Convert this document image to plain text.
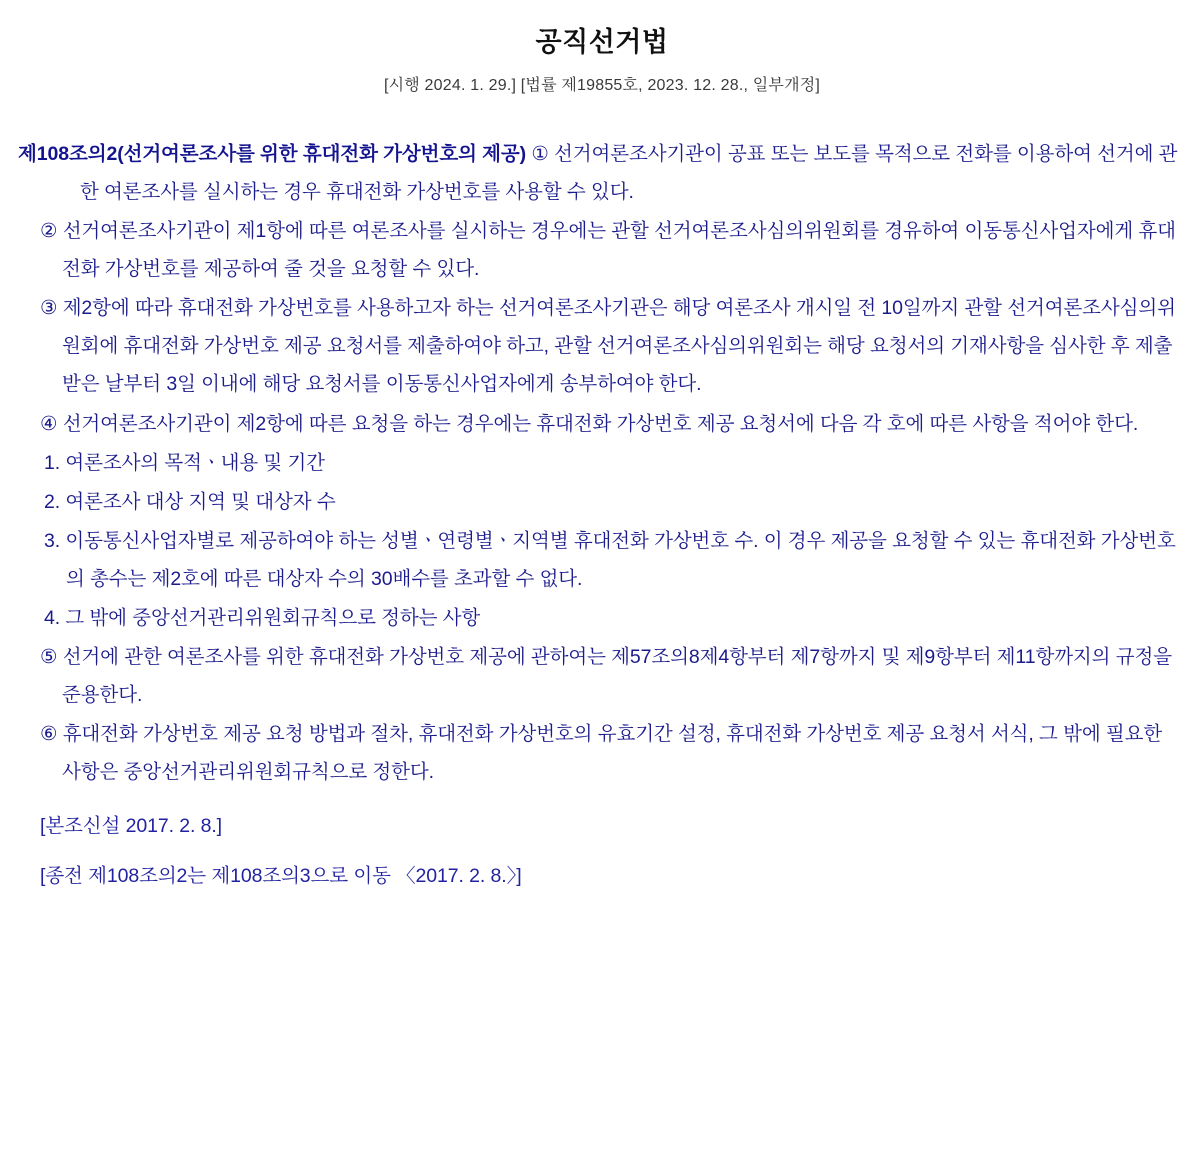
공직선거법
[시행 2024. 1. 29.] [법률 제19855호, 2023. 12. 28., 일부개정]

제108조의2(선거여론조사를 위한 휴대전화 가상번호의 제공) ① 선거여론조사기관이 공표 또는 보도를 목적으로 전화를 이용하여 선거에 관한 여론조사를 실시하는 경우 휴대전화 가상번호를 사용할 수 있다.

② 선거여론조사기관이 제1항에 따른 여론조사를 실시하는 경우에는 관할 선거여론조사심의위원회를 경유하여 이동통신사업자에게 휴대전화 가상번호를 제공하여 줄 것을 요청할 수 있다.

③ 제2항에 따라 휴대전화 가상번호를 사용하고자 하는 선거여론조사기관은 해당 여론조사 개시일 전 10일까지 관할 선거여론조사심의위원회에 휴대전화 가상번호 제공 요청서를 제출하여야 하고, 관할 선거여론조사심의위원회는 해당 요청서의 기재사항을 심사한 후 제출받은 날부터 3일 이내에 해당 요청서를 이동통신사업자에게 송부하여야 한다.

④ 선거여론조사기관이 제2항에 따른 요청을 하는 경우에는 휴대전화 가상번호 제공 요청서에 다음 각 호에 따른 사항을 적어야 한다.

1. 여론조사의 목적ㆍ내용 및 기간

2. 여론조사 대상 지역 및 대상자 수

3. 이동통신사업자별로 제공하여야 하는 성별ㆍ연령별ㆍ지역별 휴대전화 가상번호 수. 이 경우 제공을 요청할 수 있는 휴대전화 가상번호의 총수는 제2호에 따른 대상자 수의 30배수를 초과할 수 없다.

4. 그 밖에 중앙선거관리위원회규칙으로 정하는 사항

⑤ 선거에 관한 여론조사를 위한 휴대전화 가상번호 제공에 관하여는 제57조의8제4항부터 제7항까지 및 제9항부터 제11항까지의 규정을 준용한다.

⑥ 휴대전화 가상번호 제공 요청 방법과 절차, 휴대전화 가상번호의 유효기간 설정, 휴대전화 가상번호 제공 요청서 서식, 그 밖에 필요한 사항은 중앙선거관리위원회규칙으로 정한다.

[본조신설 2017. 2. 8.]

[종전 제108조의2는 제108조의3으로 이동 〈2017. 2. 8.〉]
